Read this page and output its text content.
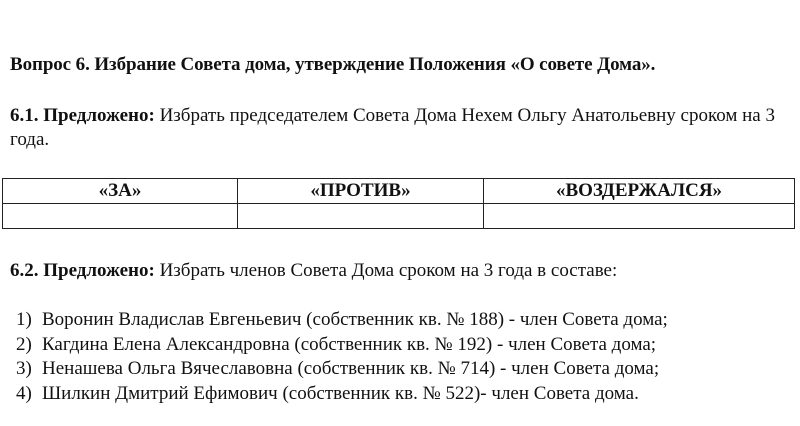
Вопрос 6. Избрание Совета дома, утверждение Положения «О совете Дома».
6.1. Предложено: Избрать председателем Совета Дома Нехем Ольгу Анатольевну сроком на 3 года.
«ЗА»	«ПРОТИВ»	«ВОЗДЕРЖАЛСЯ»

6.2. Предложено: Избрать членов Совета Дома сроком на 3 года в составе:
1) Воронин Владислав Евгеньевич (собственник кв. № 188) - член Совета дома;
2) Кагдина Елена Александровна (собственник кв. № 192) - член Совета дома;
3) Ненашева Ольга Вячеславовна (собственник кв. № 714) - член Совета дома;
4) Шилкин Дмитрий Ефимович (собственник кв. № 522)- член Совета дома.
